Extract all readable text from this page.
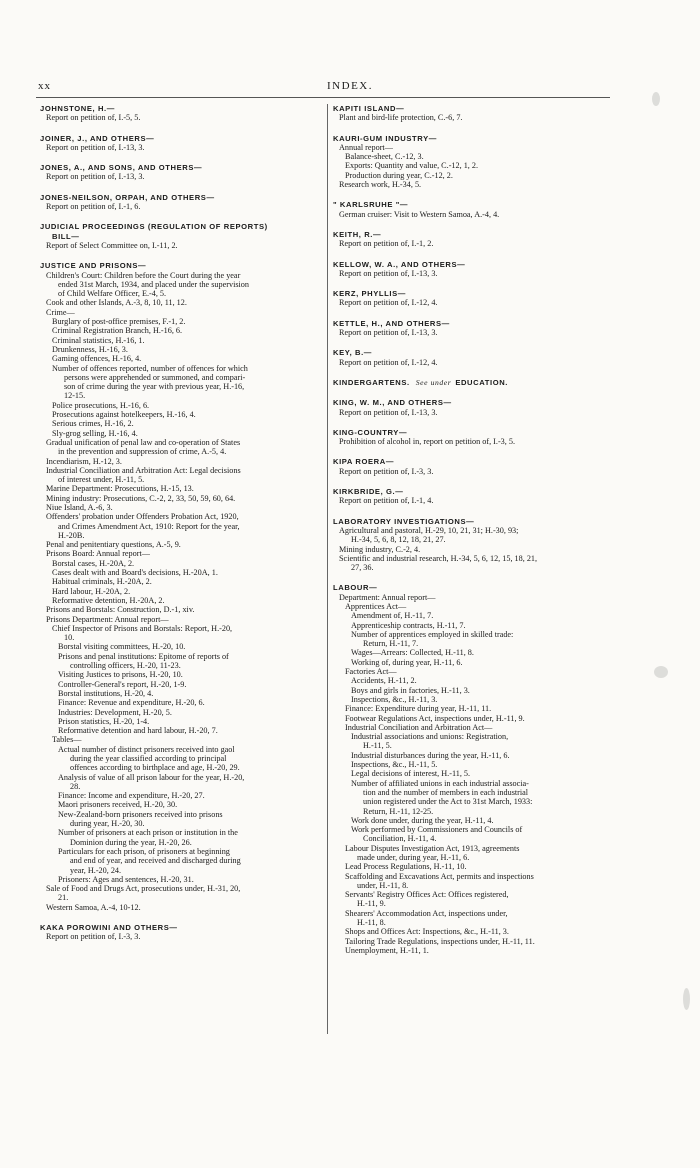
xx	INDEX.
JOHNSTONE, H.—
Report on petition of, I.-5, 5.
JOINER, J., AND OTHERS—
Report on petition of, I.-13, 3.
JONES, A., AND SONS, AND OTHERS—
Report on petition of, I.-13, 3.
JONES-NEILSON, ORPAH, AND OTHERS—
Report on petition of, I.-1, 6.
JUDICIAL PROCEEDINGS (REGULATION OF REPORTS)
BILL—
Report of Select Committee on, I.-11, 2.
JUSTICE AND PRISONS—
Children's Court: Children before the Court during the year
ended 31st March, 1934, and placed under the supervision
of Child Welfare Officer, E.-4, 5.
Cook and other Islands, A.-3, 8, 10, 11, 12.
Crime—
Burglary of post-office premises, F.-1, 2.
Criminal Registration Branch, H.-16, 6.
Criminal statistics, H.-16, 1.
Drunkenness, H.-16, 3.
Gaming offences, H.-16, 4.
Number of offences reported, number of offences for which
persons were apprehended or summoned, and compari-
son of crime during the year with previous year, H.-16,
12-15.
Police prosecutions, H.-16, 6.
Prosecutions against hotelkeepers, H.-16, 4.
Serious crimes, H.-16, 2.
Sly-grog selling, H.-16, 4.
Gradual unification of penal law and co-operation of States
in the prevention and suppression of crime, A.-5, 4.
Incendiarism, H.-12, 3.
Industrial Conciliation and Arbitration Act: Legal decisions
of interest under, H.-11, 5.
Marine Department: Prosecutions, H.-15, 13.
Mining industry: Prosecutions, C.-2, 2, 33, 50, 59, 60, 64.
Niue Island, A.-6, 3.
Offenders' probation under Offenders Probation Act, 1920,
and Crimes Amendment Act, 1910: Report for the year,
H.-20B.
Penal and penitentiary questions, A.-5, 9.
Prisons Board: Annual report—
Borstal cases, H.-20A, 2.
Cases dealt with and Board's decisions, H.-20A, 1.
Habitual criminals, H.-20A, 2.
Hard labour, H.-20A, 2.
Reformative detention, H.-20A, 2.
Prisons and Borstals: Construction, D.-1, xiv.
Prisons Department: Annual report—
Chief Inspector of Prisons and Borstals: Report, H.-20,
10.
Borstal visiting committees, H.-20, 10.
Prisons and penal institutions: Epitome of reports of
controlling officers, H.-20, 11-23.
Visiting Justices to prisons, H.-20, 10.
Controller-General's report, H.-20, 1-9.
Borstal institutions, H.-20, 4.
Finance: Revenue and expenditure, H.-20, 6.
Industries: Development, H.-20, 5.
Prison statistics, H.-20, 1-4.
Reformative detention and hard labour, H.-20, 7.
Tables—
Actual number of distinct prisoners received into gaol
during the year classified according to principal
offences according to birthplace and age, H.-20, 29.
Analysis of value of all prison labour for the year, H.-20,
28.
Finance: Income and expenditure, H.-20, 27.
Maori prisoners received, H.-20, 30.
New-Zealand-born prisoners received into prisons
during year, H.-20, 30.
Number of prisoners at each prison or institution in the
Dominion during the year, H.-20, 26.
Particulars for each prison, of prisoners at beginning
and end of year, and received and discharged during
year, H.-20, 24.
Prisoners: Ages and sentences, H.-20, 31.
Sale of Food and Drugs Act, prosecutions under, H.-31, 20,
21.
Western Samoa, A.-4, 10-12.
KAKA POROWINI AND OTHERS—
Report on petition of, I.-3, 3.
KAPITI ISLAND—
Plant and bird-life protection, C.-6, 7.
KAURI-GUM INDUSTRY—
Annual report—
Balance-sheet, C.-12, 3.
Exports: Quantity and value, C.-12, 1, 2.
Production during year, C.-12, 2.
Research work, H.-34, 5.
" KARLSRUHE "—
German cruiser: Visit to Western Samoa, A.-4, 4.
KEITH, R.—
Report on petition of, I.-1, 2.
KELLOW, W. A., AND OTHERS—
Report on petition of, I.-13, 3.
KERZ, PHYLLIS—
Report on petition of, I.-12, 4.
KETTLE, H., AND OTHERS—
Report on petition of, I.-13, 3.
KEY, B.—
Report on petition of, I.-12, 4.
KINDERGARTENS. See under EDUCATION.
KING, W. M., AND OTHERS—
Report on petition of, I.-13, 3.
KING-COUNTRY—
Prohibition of alcohol in, report on petition of, I.-3, 5.
KIPA ROERA—
Report on petition of, I.-3, 3.
KIRKBRIDE, G.—
Report on petition of, I.-1, 4.
LABORATORY INVESTIGATIONS—
Agricultural and pastoral, H.-29, 10, 21, 31; H.-30, 93;
H.-34, 5, 6, 8, 12, 18, 21, 27.
Mining industry, C.-2, 4.
Scientific and industrial research, H.-34, 5, 6, 12, 15, 18, 21,
27, 36.
LABOUR—
Department: Annual report—
Apprentices Act—
Amendment of, H.-11, 7.
Apprenticeship contracts, H.-11, 7.
Number of apprentices employed in skilled trade:
Return, H.-11, 7.
Wages—Arrears: Collected, H.-11, 8.
Working of, during year, H.-11, 6.
Factories Act—
Accidents, H.-11, 2.
Boys and girls in factories, H.-11, 3.
Inspections, &c., H.-11, 3.
Finance: Expenditure during year, H.-11, 11.
Footwear Regulations Act, inspections under, H.-11, 9.
Industrial Conciliation and Arbitration Act—
Industrial associations and unions: Registration,
H.-11, 5.
Industrial disturbances during the year, H.-11, 6.
Inspections, &c., H.-11, 5.
Legal decisions of interest, H.-11, 5.
Number of affiliated unions in each industrial associa-
tion and the number of members in each industrial
union registered under the Act to 31st March, 1933:
Return, H.-11, 12-25.
Work done under, during the year, H.-11, 4.
Work performed by Commissioners and Councils of
Conciliation, H.-11, 4.
Labour Disputes Investigation Act, 1913, agreements
made under, during year, H.-11, 6.
Lead Process Regulations, H.-11, 10.
Scaffolding and Excavations Act, permits and inspections
under, H.-11, 8.
Servants' Registry Offices Act: Offices registered,
H.-11, 9.
Shearers' Accommodation Act, inspections under,
H.-11, 8.
Shops and Offices Act: Inspections, &c., H.-11, 3.
Tailoring Trade Regulations, inspections under, H.-11, 11.
Unemployment, H.-11, 1.
